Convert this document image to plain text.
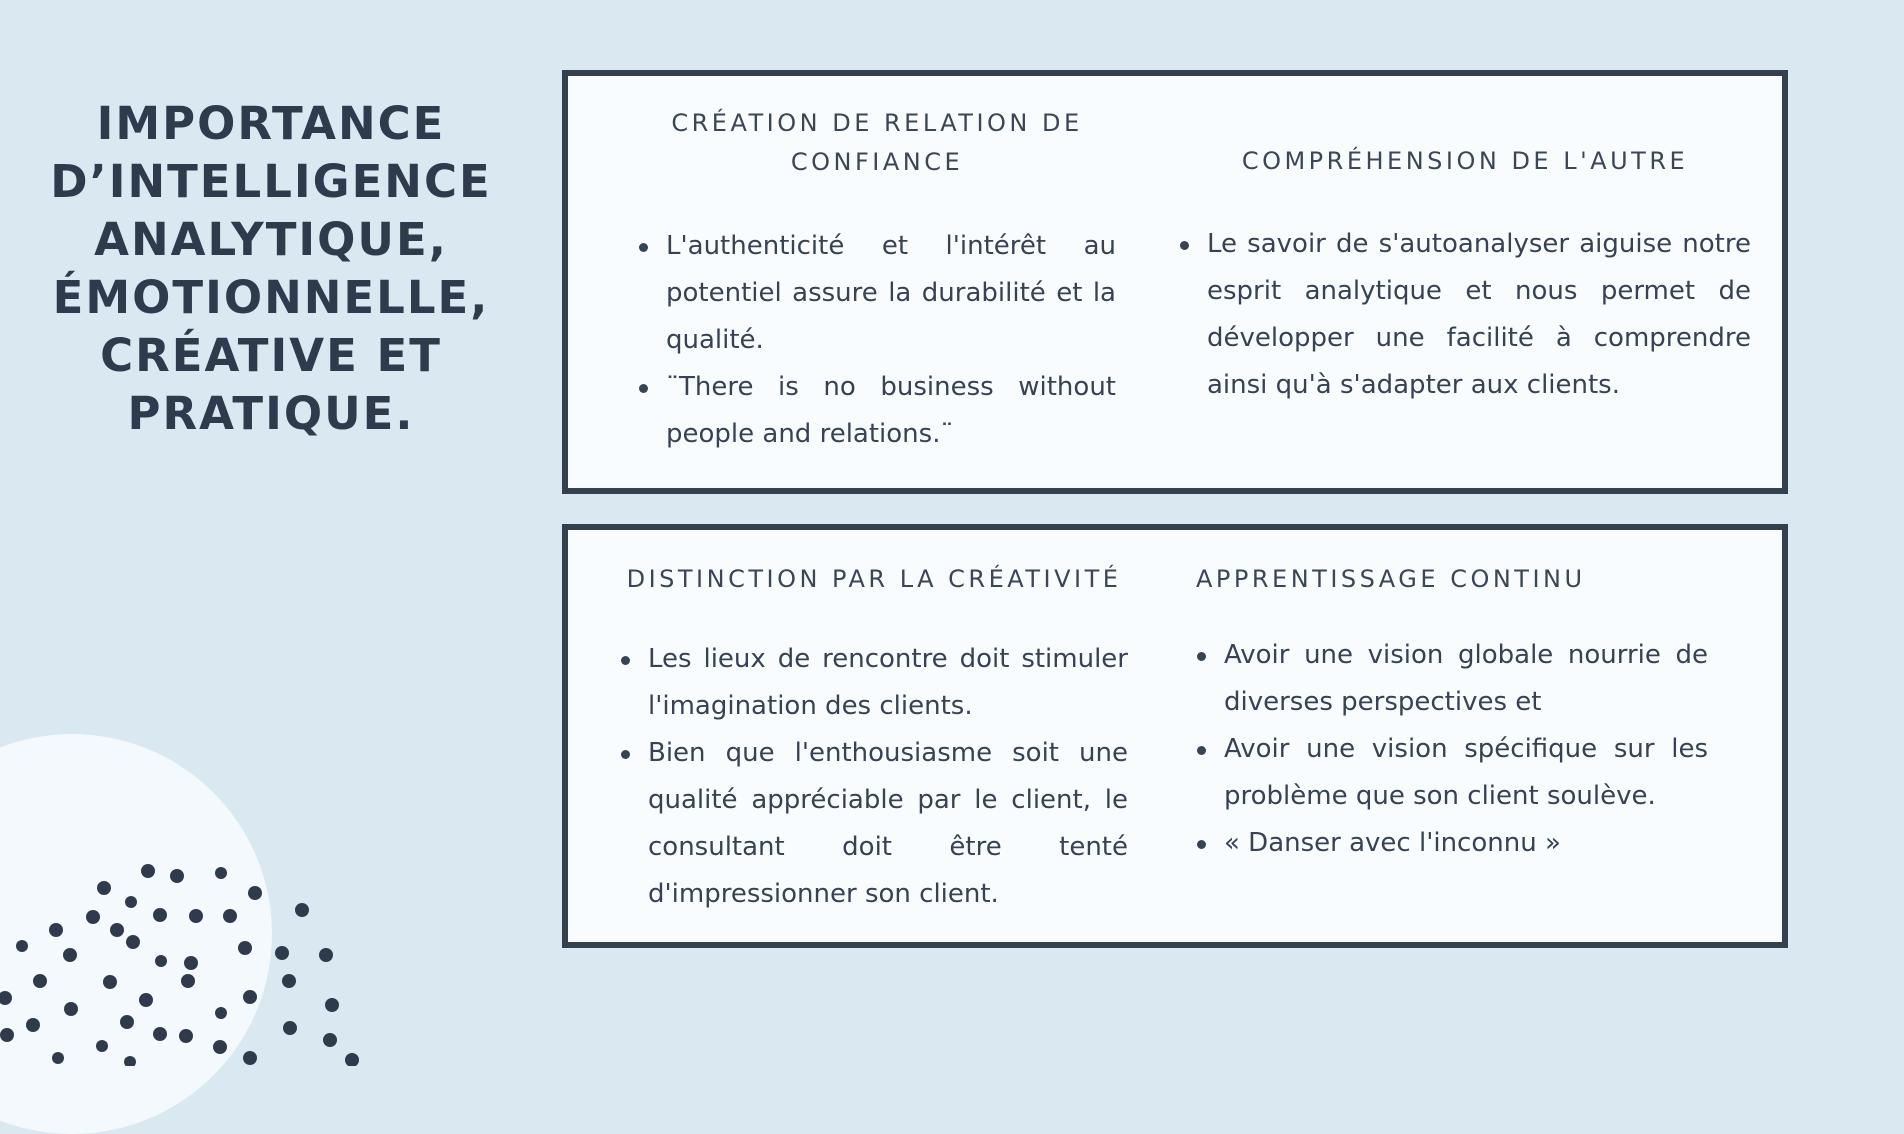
IMPORTANCE
D’INTELLIGENCE
ANALYTIQUE,
ÉMOTIONNELLE,
CRÉATIVE ET
PRATIQUE.
CRÉATION DE RELATION DE
CONFIANCE
L'authenticité et l'intérêt au potentiel assure la durabilité et la qualité.
¨There is no business without people and relations.¨
COMPRÉHENSION DE L'AUTRE
Le savoir de s'autoanalyser aiguise notre esprit analytique et nous permet de développer une facilité à comprendre ainsi qu'à s'adapter aux clients.
DISTINCTION PAR LA CRÉATIVITÉ
Les lieux de rencontre doit stimuler l'imagination des clients.
Bien que l'enthousiasme soit une qualité appréciable par le client, le consultant doit être tenté d'impressionner son client.
APPRENTISSAGE CONTINU
Avoir une vision globale nourrie de diverses perspectives et
Avoir une vision spécifique sur les problème que son client soulève.
« Danser avec l'inconnu »
